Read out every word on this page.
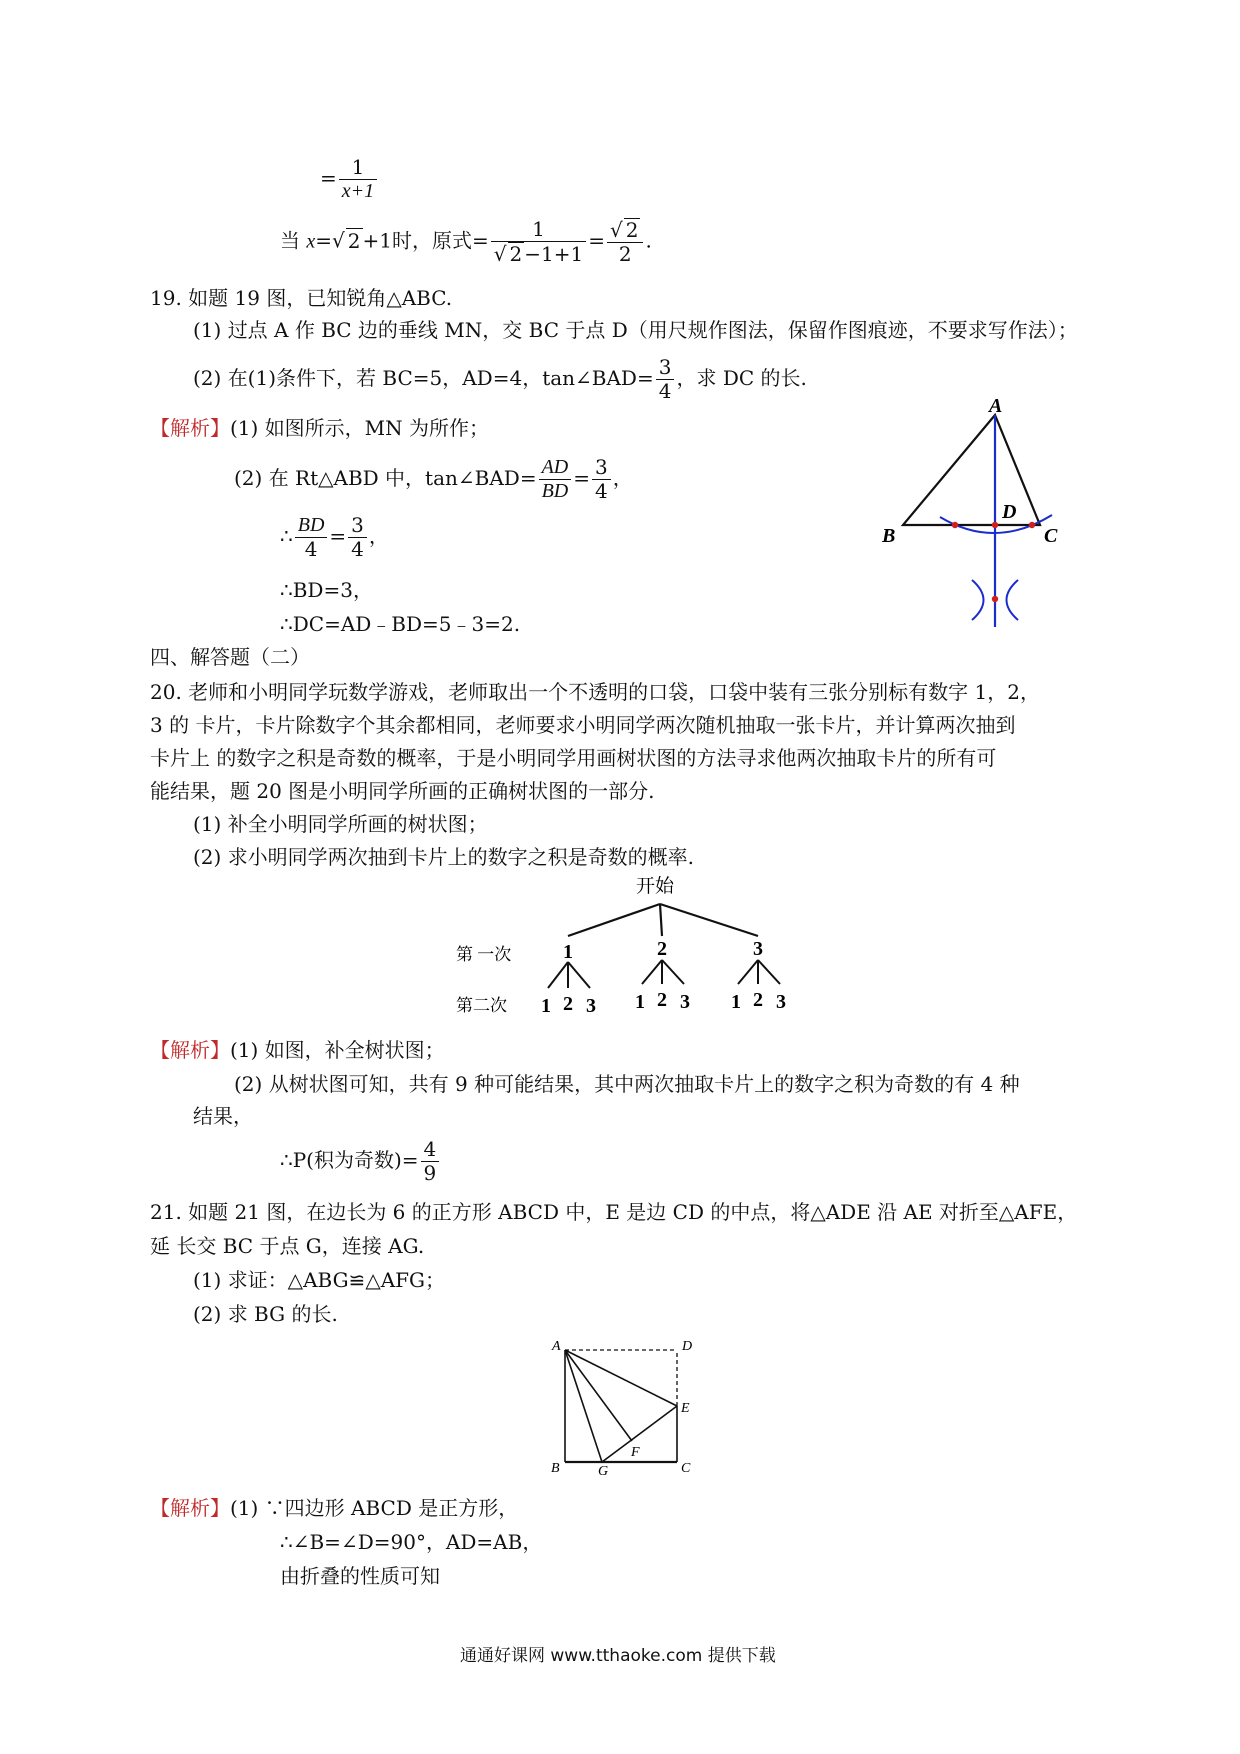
= $\frac{1}{x+1}$
当 x=√ 2 +1时，原式= $\frac{1}{√ 2 -1+1} = \frac{√ 2}{2}$ .
19. 如题 19 图，已知锐角△ABC.
(1) 过点 A 作 BC 边的垂线 MN，交 BC 于点 D（用尺规作图法，保留作图痕迹，不要求写作法）；
(2) 在(1)条件下，若 BC=5，AD=4，tan∠BAD= $\frac{3}{4}$ ，求 DC 的长.
【解析】(1) 如图所示，MN 为所作；
(2) 在 Rt△ABD 中，tan∠BAD= $\frac{AD}{BD} = \frac{3}{4}$ ，
∴ $\frac{BD}{4} = \frac{3}{4}$ ，
∴BD=3，
∴DC=AD﹣BD=5﹣3=2.
A
B	C
D
四、解答题（二）
20. 老师和小明同学玩数学游戏，老师取出一个不透明的口袋，口袋中装有三张分别标有数字 1，2，
3 的 卡片，卡片除数字个其余都相同，老师要求小明同学两次随机抽取一张卡片，并计算两次抽到
卡片上 的数字之积是奇数的概率，于是小明同学用画树状图的方法寻求他两次抽取卡片的所有可
能结果，题 20 图是小明同学所画的正确树状图的一部分.
(1) 补全小明同学所画的树状图；
(2) 求小明同学两次抽到卡片上的数字之积是奇数的概率.
开始
第 一次
第二次
1	2	3
1 2 3 1 2 3 1 2 3
【解析】(1) 如图，补全树状图；
(2) 从树状图可知，共有 9 种可能结果，其中两次抽取卡片上的数字之积为奇数的有 4 种
结果，
∴P(积为奇数)= $\frac{4}{9}$
21. 如题 21 图，在边长为 6 的正方形 ABCD 中，E 是边 CD 的中点，将△ADE 沿 AE 对折至△AFE，
延 长交 BC 于点 G，连接 AG.
(1) 求证：△ABG≌△AFG；
(2) 求 BG 的长.
A	D
E
F
B	G	C
【解析】(1) ∵四边形 ABCD 是正方形，
∴∠B=∠D=90°，AD=AB，
由折叠的性质可知
通通好课网 www.tthaoke.com 提供下载
